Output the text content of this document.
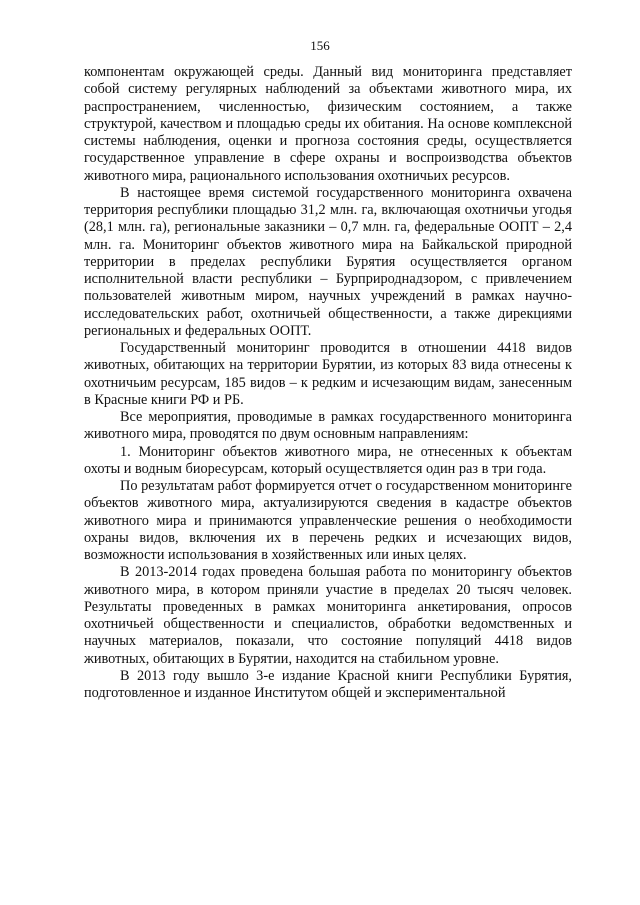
156

компонентам окружающей среды. Данный вид мониторинга представляет собой систему регулярных наблюдений за объектами животного мира, их распространением, численностью, физическим состоянием, а также структурой, качеством и площадью среды их обитания. На основе комплексной системы наблюдения, оценки и прогноза состояния среды, осуществляется государственное управление в сфере охраны и воспроизводства объектов животного мира, рационального использования охотничьих ресурсов.

В настоящее время системой государственного мониторинга охвачена территория республики площадью 31,2 млн. га, включающая охотничьи угодья (28,1 млн. га), региональные заказники – 0,7 млн. га, федеральные ООПТ – 2,4 млн. га. Мониторинг объектов животного мира на Байкальской природной территории в пределах республики Бурятия осуществляется органом исполнительной власти республики – Бурприроднадзором, с привлечением пользователей животным миром, научных учреждений в рамках научно-исследовательских работ, охотничьей общественности, а также дирекциями региональных и федеральных ООПТ.

Государственный мониторинг проводится в отношении 4418 видов животных, обитающих на территории Бурятии, из которых 83 вида отнесены к охотничьим ресурсам, 185 видов – к редким и исчезающим видам, занесенным в Красные книги РФ и РБ.

Все мероприятия, проводимые в рамках государственного мониторинга животного мира, проводятся по двум основным направлениям:

1. Мониторинг объектов животного мира, не отнесенных к объектам охоты и водным биоресурсам, который осуществляется один раз в три года.

По результатам работ формируется отчет о государственном мониторинге объектов животного мира, актуализируются сведения в кадастре объектов животного мира и принимаются управленческие решения о необходимости охраны видов, включения их в перечень редких и исчезающих видов, возможности использования в хозяйственных или иных целях.

В 2013-2014 годах проведена большая работа по мониторингу объектов животного мира, в котором приняли участие в пределах 20 тысяч человек. Результаты проведенных в рамках мониторинга анкетирования, опросов охотничьей общественности и специалистов, обработки ведомственных и научных материалов, показали, что состояние популяций 4418 видов животных, обитающих в Бурятии, находится на стабильном уровне.

В 2013 году вышло 3-е издание Красной книги Республики Бурятия, подготовленное и изданное Институтом общей и экспериментальной
